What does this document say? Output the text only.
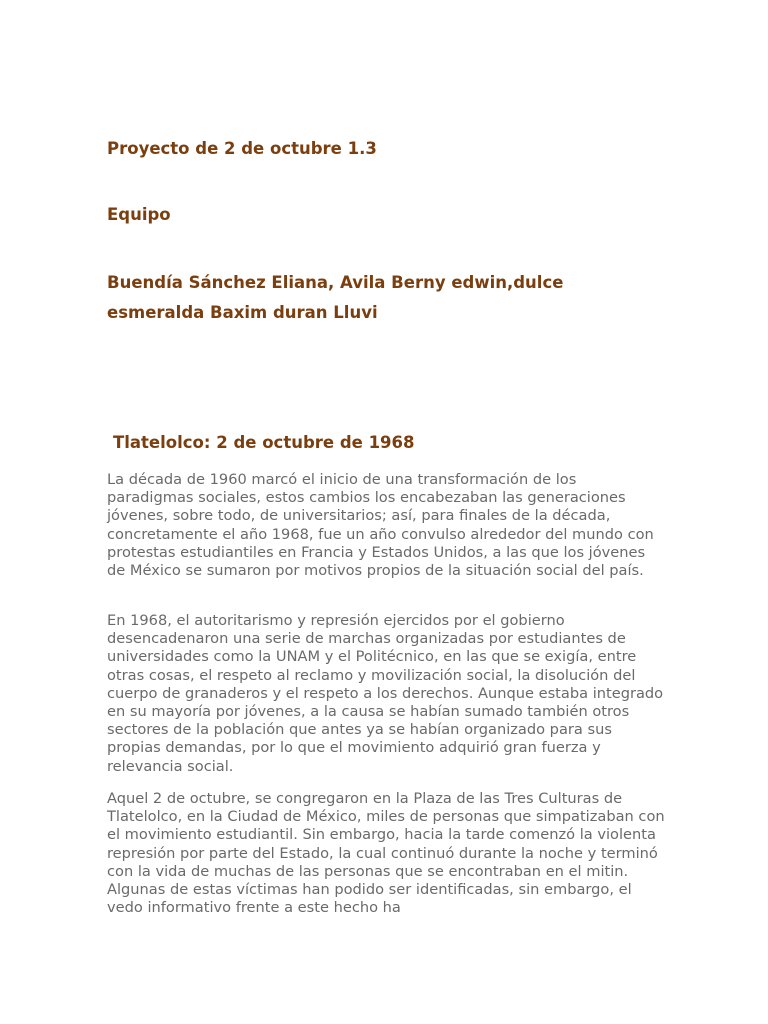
Proyecto de 2 de octubre 1.3
Equipo
Buendía Sánchez Eliana, Avila Berny edwin,dulce esmeralda Baxim duran Lluvi
Tlatelolco: 2 de octubre de 1968

La década de 1960 marcó el inicio de una transformación de los paradigmas sociales, estos cambios los encabezaban las generaciones jóvenes, sobre todo, de universitarios; así, para finales de la década, concretamente el año 1968, fue un año convulso alrededor del mundo con protestas estudiantiles en Francia y Estados Unidos, a las que los jóvenes de México se sumaron por motivos propios de la situación social del país.

En 1968, el autoritarismo y represión ejercidos por el gobierno desencadenaron una serie de marchas organizadas por estudiantes de universidades como la UNAM y el Politécnico, en las que se exigía, entre otras cosas, el respeto al reclamo y movilización social, la disolución del cuerpo de granaderos y el respeto a los derechos. Aunque estaba integrado en su mayoría por jóvenes, a la causa se habían sumado también otros sectores de la población que antes ya se habían organizado para sus propias demandas, por lo que el movimiento adquirió gran fuerza y relevancia social.

Aquel 2 de octubre, se congregaron en la Plaza de las Tres Culturas de Tlatelolco, en la Ciudad de México, miles de personas que simpatizaban con el movimiento estudiantil. Sin embargo, hacia la tarde comenzó la violenta represión por parte del Estado, la cual continuó durante la noche y terminó con la vida de muchas de las personas que se encontraban en el mitin. Algunas de estas víctimas han podido ser identificadas, sin embargo, el vedo informativo frente a este hecho ha
